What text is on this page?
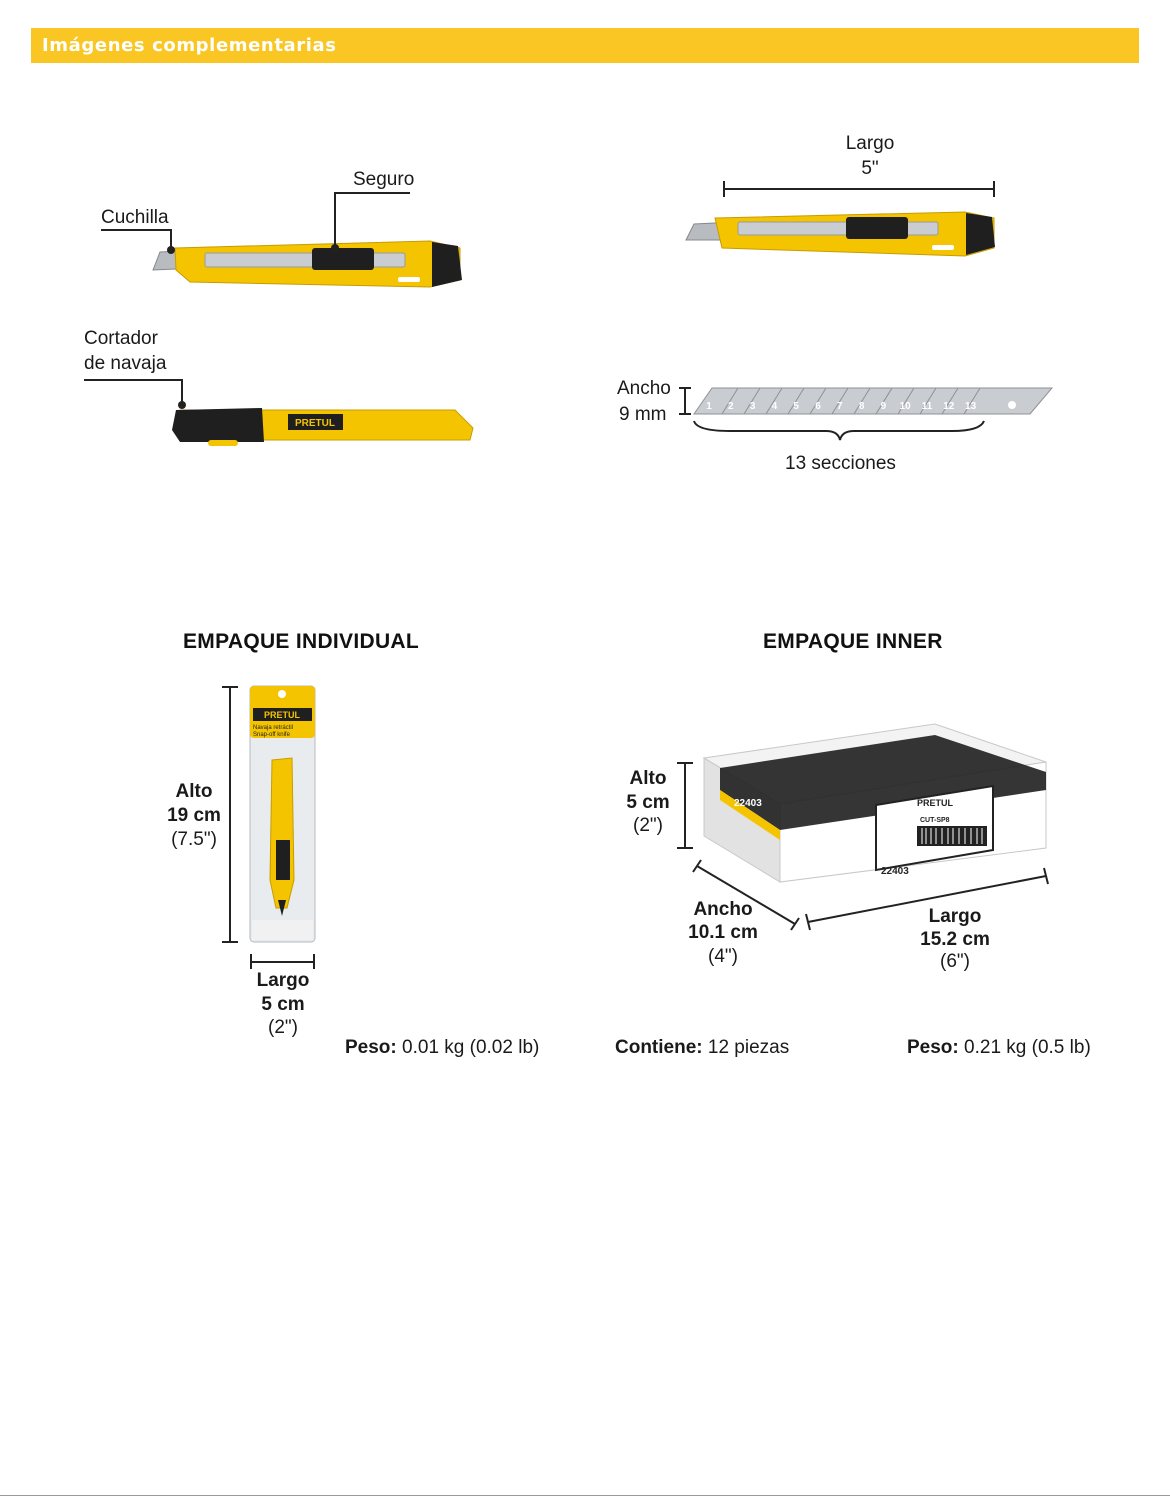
Imágenes complementarias
PRETUL
1 2 3 4 5 6 7 8 9 10 11 12 13
PRETUL
Navaja retráctil
Snap-off knife
PRETUL
CUT-SP8
22403
22403
Cuchilla
Seguro
Cortador
de navaja
Largo
5"
Ancho
9 mm
13 secciones
EMPAQUE INDIVIDUAL
Alto
19 cm
(7.5")
Largo
5 cm
(2")
Peso: 0.01 kg (0.02 lb)
EMPAQUE INNER
Alto
5 cm
(2")
Ancho
10.1 cm
(4")
Largo
15.2 cm
(6")
Contiene: 12 piezas	Peso: 0.21 kg (0.5 lb)
